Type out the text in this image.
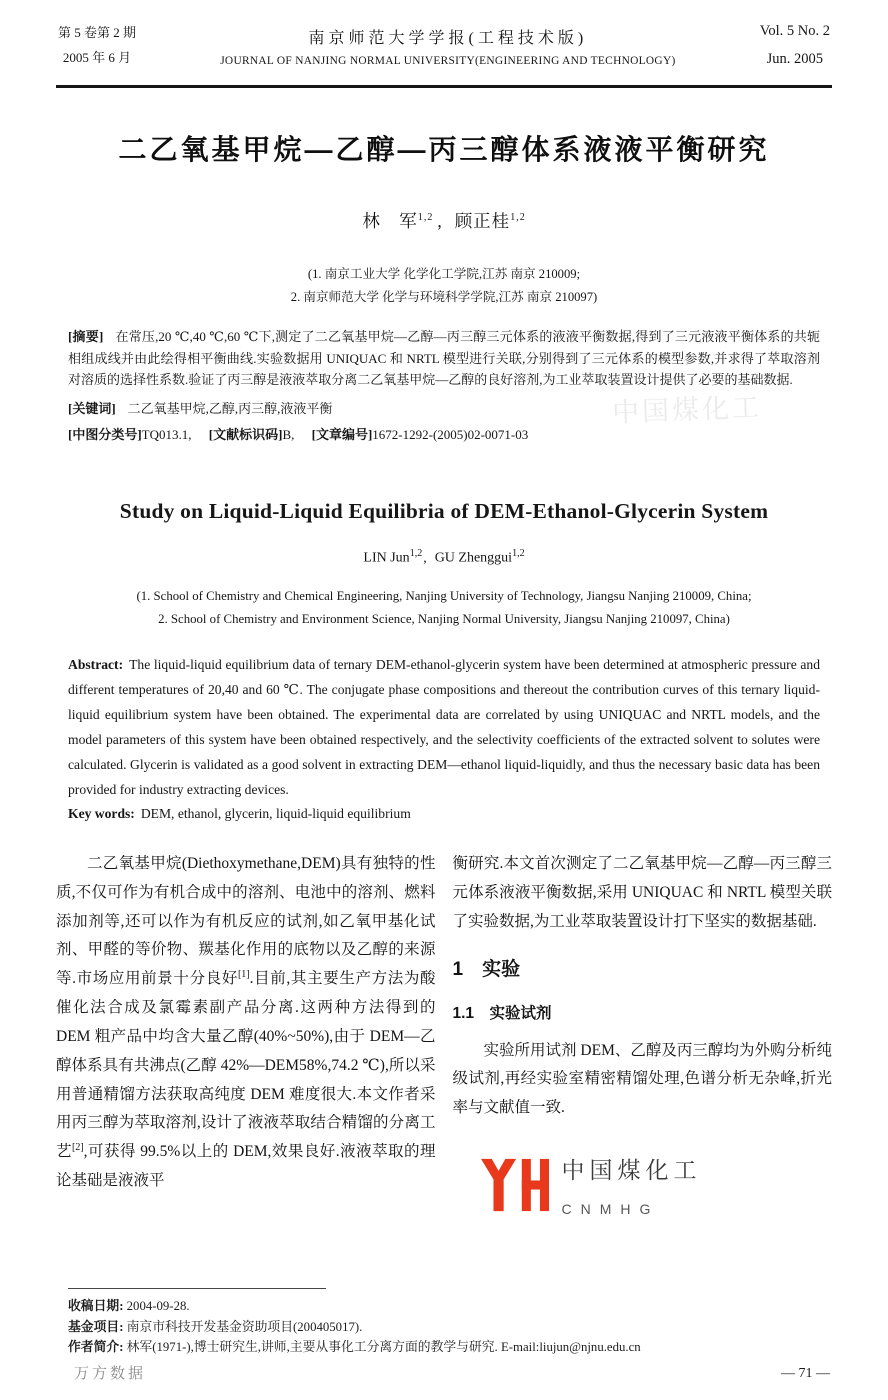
第 5 卷第 2 期
2005 年 6 月
南京师范大学学报(工程技术版)
JOURNAL OF NANJING NORMAL UNIVERSITY(ENGINEERING AND TECHNOLOGY)
Vol. 5 No. 2
Jun. 2005
二乙氧基甲烷—乙醇—丙三醇体系液液平衡研究
林　军$^{1,2}$ , 顾正桂$^{1,2}$
(1. 南京工业大学 化学化工学院,江苏 南京 210009;
2. 南京师范大学 化学与环境科学学院,江苏 南京 210097)

[摘要] 在常压,20 ℃,40 ℃,60 ℃下,测定了二乙氧基甲烷—乙醇—丙三醇三元体系的液液平衡数据,得到了三元液液平衡体系的共轭相组成线并由此绘得相平衡曲线.实验数据用 UNIQUAC 和 NRTL 模型进行关联,分别得到了三元体系的模型参数,并求得了萃取溶剂对溶质的选择性系数.验证了丙三醇是液液萃取分离二乙氧基甲烷—乙醇的良好溶剂,为工业萃取装置设计提供了必要的基础数据.

[关键词] 二乙氧基甲烷,乙醇,丙三醇,液液平衡

[中图分类号]TQ013.1, [文献标识码]B, [文章编号]1672-1292-(2005)02-0071-03

Study on Liquid-Liquid Equilibria of DEM-Ethanol-Glycerin System
LIN Jun$^{1,2}$, GU Zhenggui$^{1,2}$
(1. School of Chemistry and Chemical Engineering, Nanjing University of Technology, Jiangsu Nanjing 210009, China;
2. School of Chemistry and Environment Science, Nanjing Normal University, Jiangsu Nanjing 210097, China)

Abstract: The liquid-liquid equilibrium data of ternary DEM-ethanol-glycerin system have been determined at atmospheric pressure and different temperatures of 20,40 and 60 ℃. The conjugate phase compositions and thereout the contribution curves of this ternary liquid-liquid equilibrium system have been obtained. The experimental data are correlated by using UNIQUAC and NRTL models, and the model parameters of this system have been obtained respectively, and the selectivity coefficients of the extracted solvent to solutes were calculated. Glycerin is validated as a good solvent in extracting DEM—ethanol liquid-liquidly, and thus the necessary basic data has been provided for industry extracting devices.

Key words: DEM, ethanol, glycerin, liquid-liquid equilibrium

二乙氧基甲烷(Diethoxymethane,DEM)具有独特的性质,不仅可作为有机合成中的溶剂、电池中的溶剂、燃料添加剂等,还可以作为有机反应的试剂,如乙氧甲基化试剂、甲醛的等价物、羰基化作用的底物以及乙醇的来源等.市场应用前景十分良好[1].目前,其主要生产方法为酸催化法合成及氯霉素副产品分离.这两种方法得到的 DEM 粗产品中均含大量乙醇(40%~50%),由于 DEM—乙醇体系具有共沸点(乙醇 42%—DEM58%,74.2 ℃),所以采用普通精馏方法获取高纯度 DEM 难度很大.本文作者采用丙三醇为萃取溶剂,设计了液液萃取结合精馏的分离工艺[2],可获得 99.5%以上的 DEM,效果良好.液液萃取的理论基础是液液平

衡研究.本文首次测定了二乙氧基甲烷—乙醇—丙三醇三元体系液液平衡数据,采用 UNIQUAC 和 NRTL 模型关联了实验数据,为工业萃取装置设计打下坚实的数据基础.

1　实验
1.1　实验试剂

实验所用试剂 DEM、乙醇及丙三醇均为外购分析纯级试剂,再经实验室精密精馏处理,色谱分析无杂峰,折光率与文献值一致.

中国煤化工
CNMHG
中国煤化工

收稿日期: 2004-09-28.

基金项目: 南京市科技开发基金资助项目(200405017).

作者简介: 林军(1971-),博士研究生,讲师,主要从事化工分离方面的教学与研究. E-mail:liujun@njnu.edu.cn

万方数据	— 71 —
